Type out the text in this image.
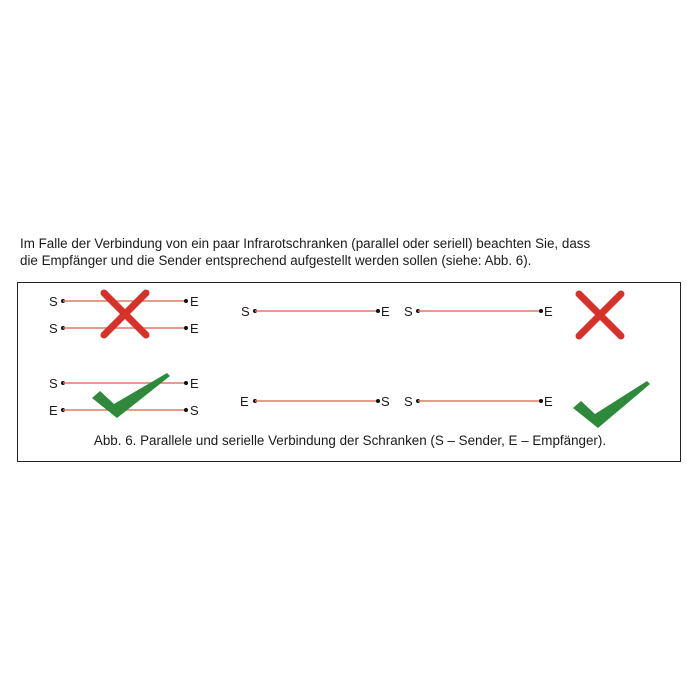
Im Falle der Verbindung von ein paar Infrarotschranken (parallel oder seriell) beachten Sie, dass

die Empfänger und die Sender entsprechend aufgestellt werden sollen (siehe: Abb. 6).

S	E
S	E
S	E S	E
S	E
E	S
E	S S	E
Abb. 6. Parallele und serielle Verbindung der Schranken (S – Sender, E – Empfänger).
